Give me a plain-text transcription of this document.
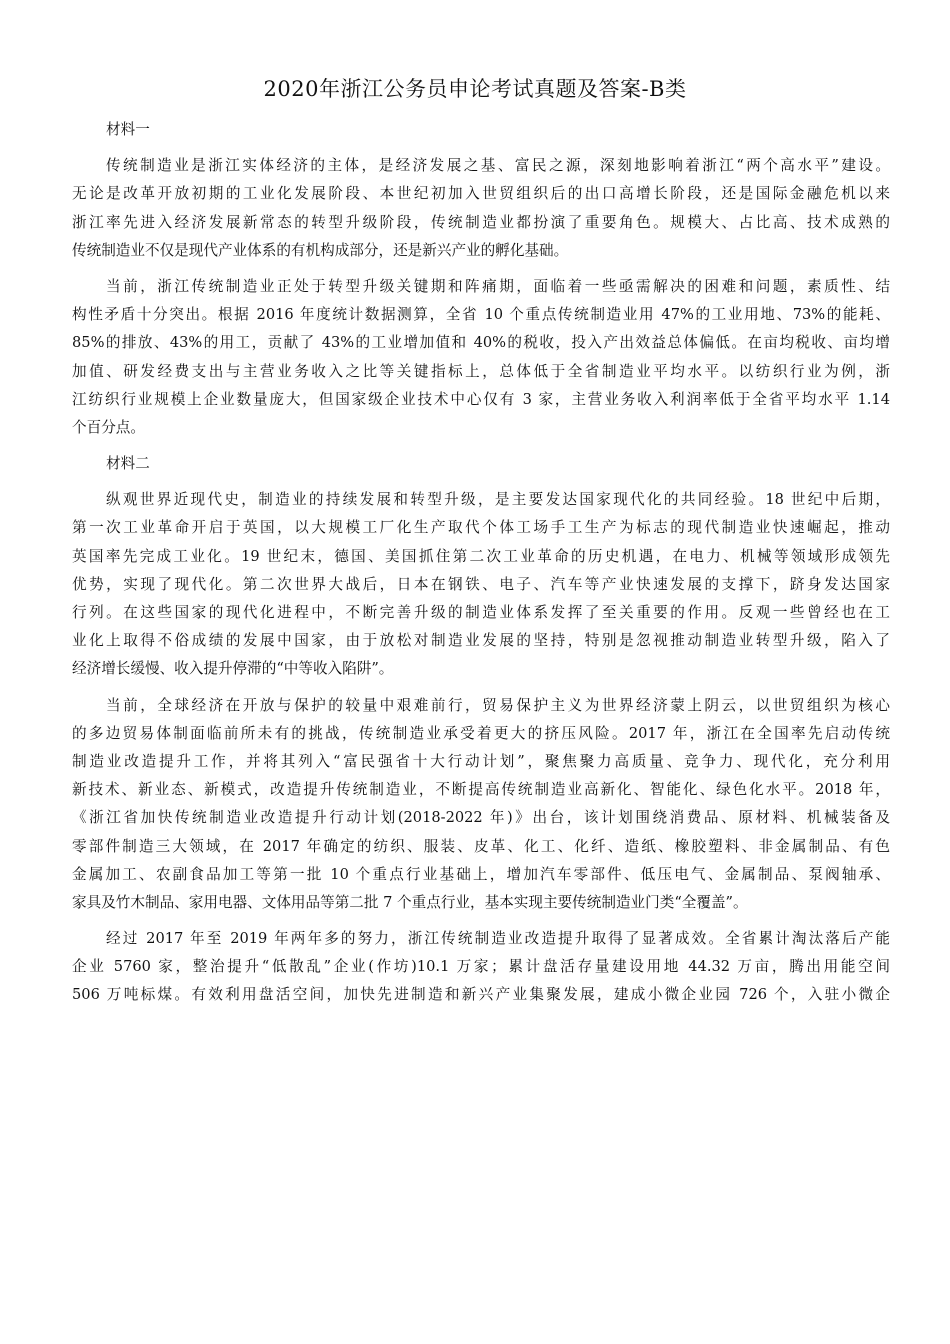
2020年浙江公务员申论考试真题及答案-B类
材料一
传统制造业是浙江实体经济的主体，是经济发展之基、富民之源，深刻地影响着浙江“两个高水平”建设。
无论是改革开放初期的工业化发展阶段、本世纪初加入世贸组织后的出口高增长阶段，还是国际金融危机以来
浙江率先进入经济发展新常态的转型升级阶段，传统制造业都扮演了重要角色。规模大、占比高、技术成熟的
传统制造业不仅是现代产业体系的有机构成部分，还是新兴产业的孵化基础。
当前，浙江传统制造业正处于转型升级关键期和阵痛期，面临着一些亟需解决的困难和问题，素质性、结
构性矛盾十分突出。根据 2016 年度统计数据测算，全省 10 个重点传统制造业用 47%的工业用地、73%的能耗、
85%的排放、43%的用工，贡献了 43%的工业增加值和 40%的税收，投入产出效益总体偏低。在亩均税收、亩均增
加值、研发经费支出与主营业务收入之比等关键指标上，总体低于全省制造业平均水平。以纺织行业为例，浙
江纺织行业规模上企业数量庞大，但国家级企业技术中心仅有 3 家，主营业务收入利润率低于全省平均水平 1.14
个百分点。
材料二
纵观世界近现代史，制造业的持续发展和转型升级，是主要发达国家现代化的共同经验。18 世纪中后期，
第一次工业革命开启于英国，以大规模工厂化生产取代个体工场手工生产为标志的现代制造业快速崛起，推动
英国率先完成工业化。19 世纪末，德国、美国抓住第二次工业革命的历史机遇，在电力、机械等领域形成领先
优势，实现了现代化。第二次世界大战后，日本在钢铁、电子、汽车等产业快速发展的支撑下，跻身发达国家
行列。在这些国家的现代化进程中，不断完善升级的制造业体系发挥了至关重要的作用。反观一些曾经也在工
业化上取得不俗成绩的发展中国家，由于放松对制造业发展的坚持，特别是忽视推动制造业转型升级，陷入了
经济增长缓慢、收入提升停滞的“中等收入陷阱”。
当前，全球经济在开放与保护的较量中艰难前行，贸易保护主义为世界经济蒙上阴云，以世贸组织为核心
的多边贸易体制面临前所未有的挑战，传统制造业承受着更大的挤压风险。2017 年，浙江在全国率先启动传统
制造业改造提升工作，并将其列入“富民强省十大行动计划”，聚焦聚力高质量、竞争力、现代化，充分利用
新技术、新业态、新模式，改造提升传统制造业，不断提高传统制造业高新化、智能化、绿色化水平。2018 年，
《浙江省加快传统制造业改造提升行动计划(2018-2022 年)》出台，该计划围绕消费品、原材料、机械装备及
零部件制造三大领域，在 2017 年确定的纺织、服装、皮革、化工、化纤、造纸、橡胶塑料、非金属制品、有色
金属加工、农副食品加工等第一批 10 个重点行业基础上，增加汽车零部件、低压电气、金属制品、泵阀轴承、
家具及竹木制品、家用电器、文体用品等第二批 7 个重点行业，基本实现主要传统制造业门类“全覆盖”。
经过 2017 年至 2019 年两年多的努力，浙江传统制造业改造提升取得了显著成效。全省累计淘汰落后产能
企业 5760 家，整治提升“低散乱”企业(作坊)10.1 万家；累计盘活存量建设用地 44.32 万亩，腾出用能空间
506 万吨标煤。有效利用盘活空间，加快先进制造和新兴产业集聚发展，建成小微企业园 726 个，入驻小微企
